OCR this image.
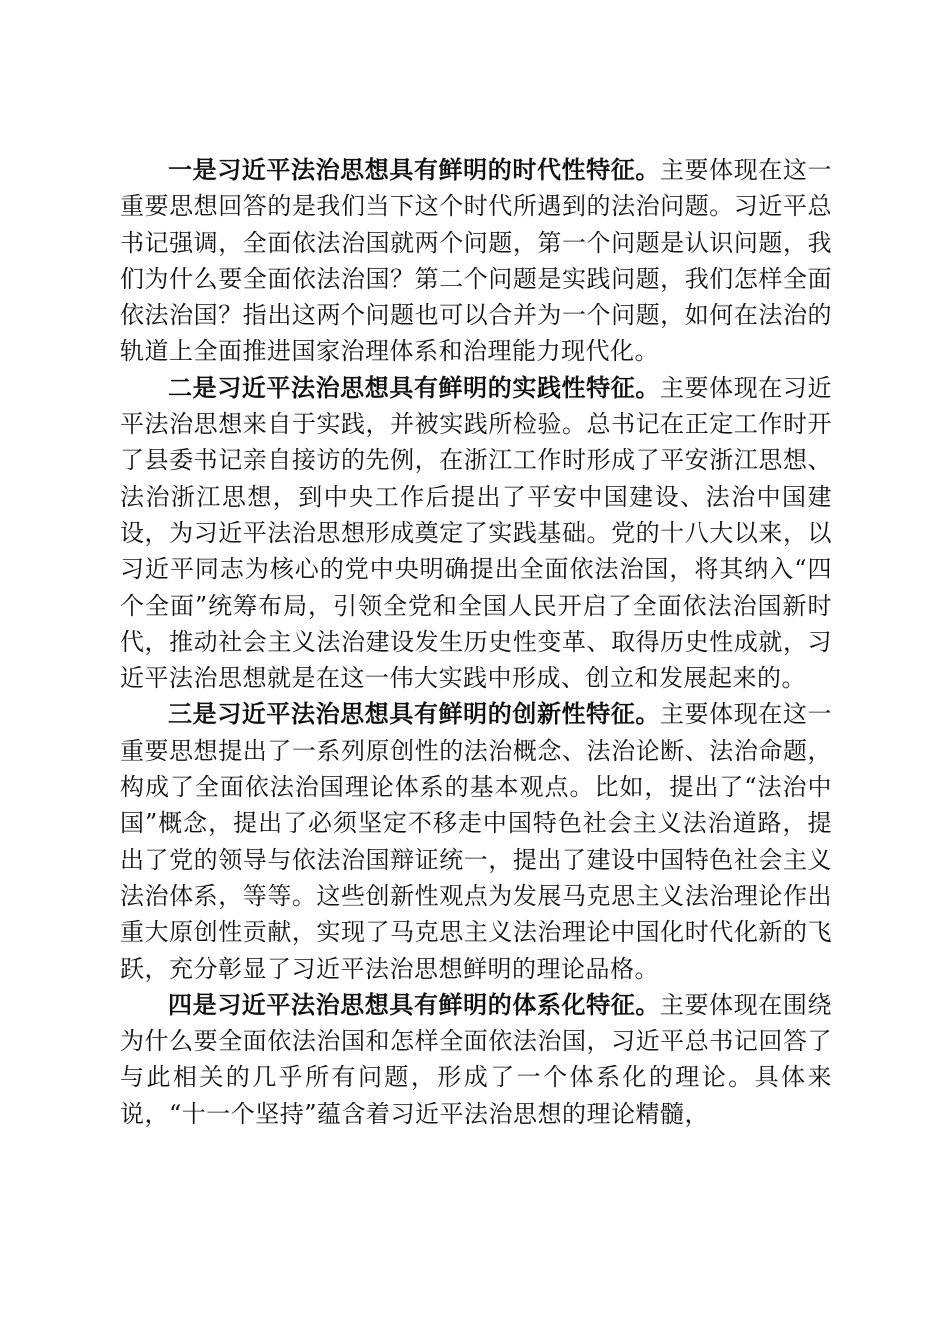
一是习近平法治思想具有鲜明的时代性特征。主要体现在这一重要思想回答的是我们当下这个时代所遇到的法治问题。习近平总书记强调，全面依法治国就两个问题，第一个问题是认识问题，我们为什么要全面依法治国？第二个问题是实践问题，我们怎样全面依法治国？指出这两个问题也可以合并为一个问题，如何在法治的轨道上全面推进国家治理体系和治理能力现代化。

二是习近平法治思想具有鲜明的实践性特征。主要体现在习近平法治思想来自于实践，并被实践所检验。总书记在正定工作时开了县委书记亲自接访的先例，在浙江工作时形成了平安浙江思想、法治浙江思想，到中央工作后提出了平安中国建设、法治中国建设，为习近平法治思想形成奠定了实践基础。党的十八大以来，以习近平同志为核心的党中央明确提出全面依法治国，将其纳入“四个全面”统筹布局，引领全党和全国人民开启了全面依法治国新时代，推动社会主义法治建设发生历史性变革、取得历史性成就，习近平法治思想就是在这一伟大实践中形成、创立和发展起来的。

三是习近平法治思想具有鲜明的创新性特征。主要体现在这一重要思想提出了一系列原创性的法治概念、法治论断、法治命题，构成了全面依法治国理论体系的基本观点。比如，提出了“法治中国”概念，提出了必须坚定不移走中国特色社会主义法治道路，提出了党的领导与依法治国辩证统一，提出了建设中国特色社会主义法治体系，等等。这些创新性观点为发展马克思主义法治理论作出重大原创性贡献，实现了马克思主义法治理论中国化时代化新的飞跃，充分彰显了习近平法治思想鲜明的理论品格。

四是习近平法治思想具有鲜明的体系化特征。主要体现在围绕为什么要全面依法治国和怎样全面依法治国，习近平总书记回答了与此相关的几乎所有问题，形成了一个体系化的理论。具体来说，“十一个坚持”蕴含着习近平法治思想的理论精髓，
